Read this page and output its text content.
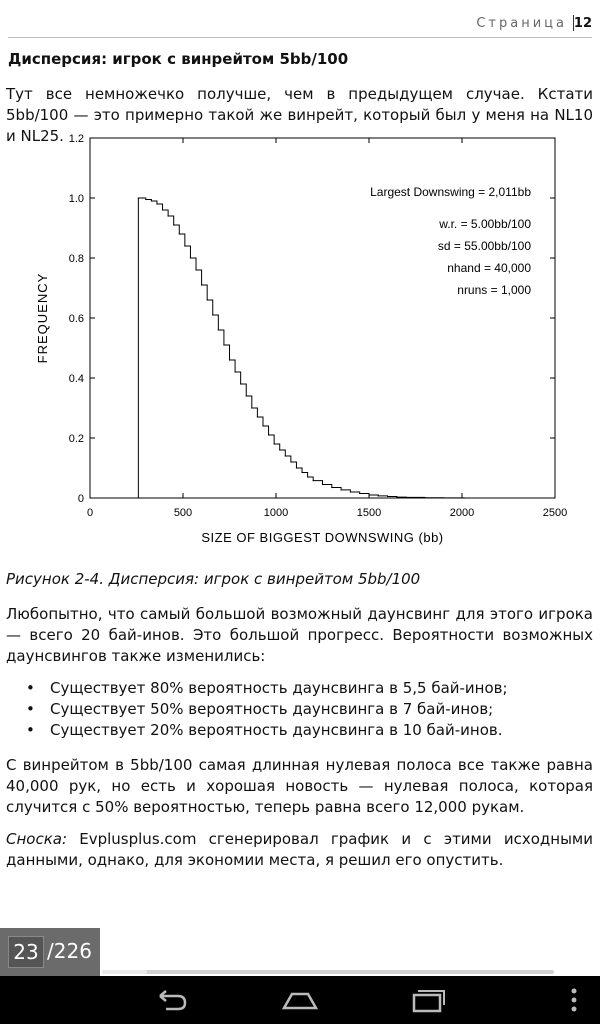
Страница 12
Дисперсия: игрок с винрейтом 5bb/100
Тут все немножечко получше, чем в предыдущем случае. Кстати 5bb/100 — это примерно такой же винрейт, который был у меня на NL10 и NL25.
0	500	1000	1500	2000	2500
0
0.2
0.4
0.6
0.8
1.0
1.2
SIZE OF BIGGEST DOWNSWING (bb)
FREQUENCY
Largest Downswing = 2,011bb
w.r. = 5.00bb/100
sd = 55.00bb/100
nhand = 40,000
nruns = 1,000
Рисунок 2-4. Дисперсия: игрок с винрейтом 5bb/100
Любопытно, что самый большой возможный даунсвинг для этого игрока — всего 20 бай-инов. Это большой прогресс. Вероятности возможных даунсвингов также изменились:
• Существует 80% вероятность даунсвинга в 5,5 бай-инов;
• Существует 50% вероятность даунсвинга в 7 бай-инов;
• Существует 20% вероятность даунсвинга в 10 бай-инов.
С винрейтом в 5bb/100 самая длинная нулевая полоса все также равна 40,000 рук, но есть и хорошая новость — нулевая полоса, которая случится с 50% вероятностью, теперь равна всего 12,000 рукам.
Сноска: Evplusplus.com сгенерировал график и с этими исходными данными, однако, для экономии места, я решил его опустить.
23 /226
